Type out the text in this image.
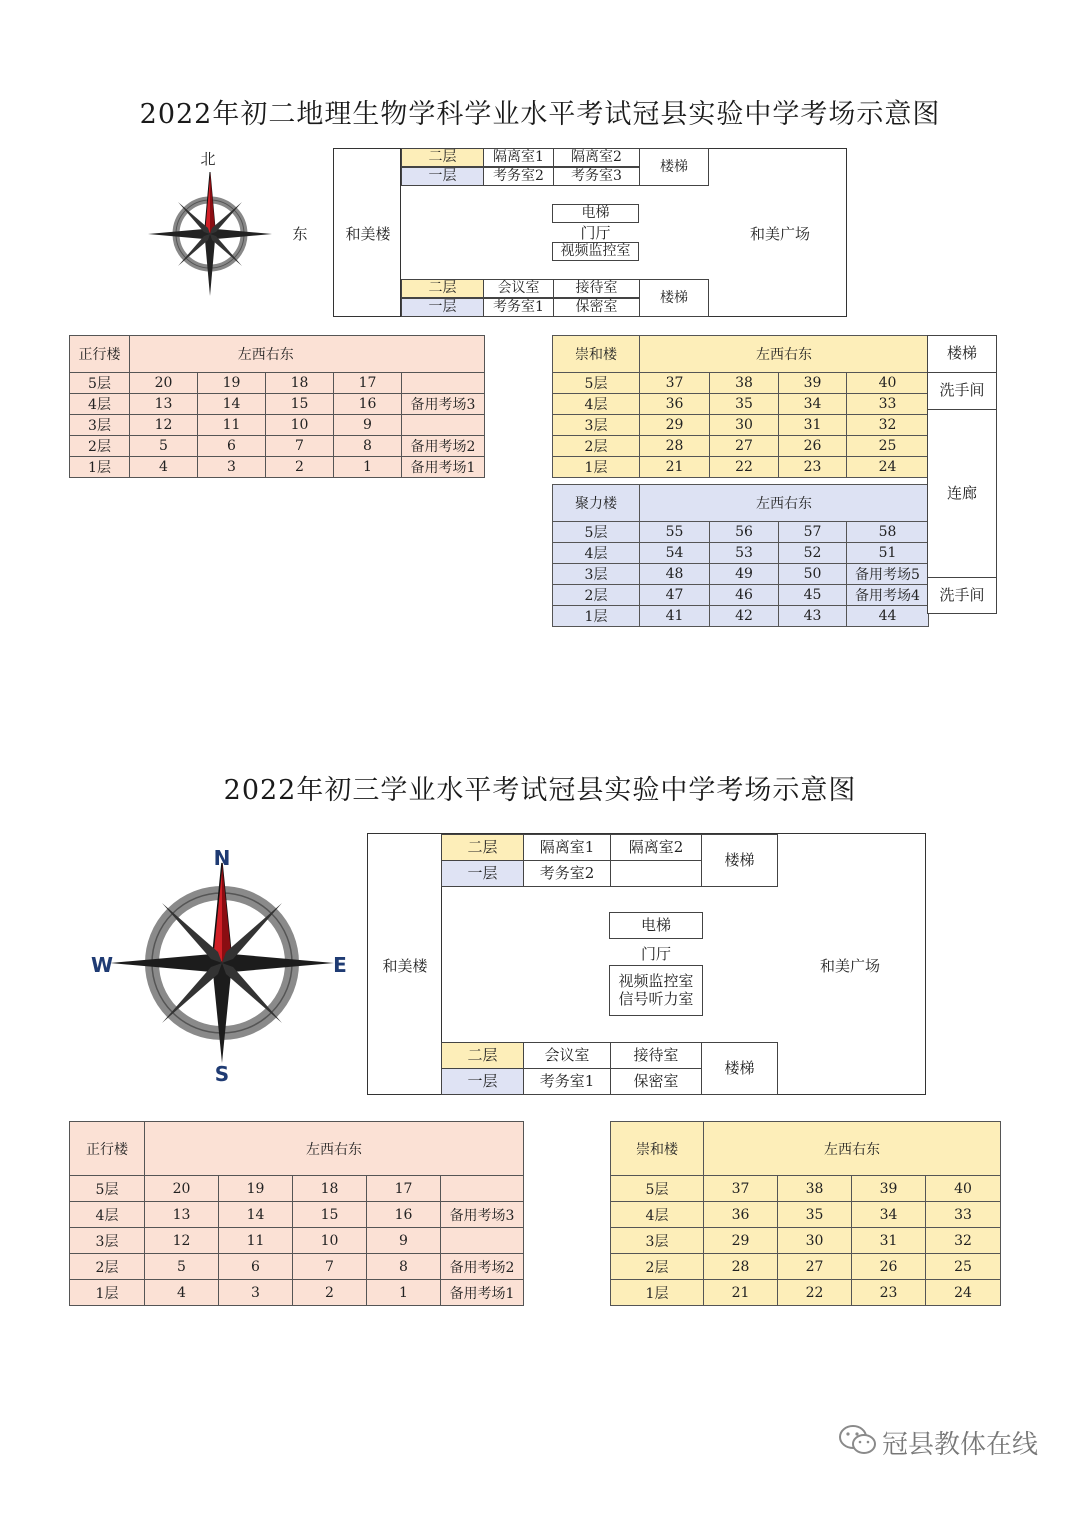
2022年初二地理生物学科学业水平考试冠县实验中学考场示意图
北
东	和美楼	和美广场
二层
一层
隔离室1	隔离室2
考务室2	考务室3
楼梯
电梯
门厅
视频监控室
二层
一层
会议室	接待室
考务室1	保密室
楼梯
正行楼	左西右东				
5层	20	19	18	17	
4层	13	14	15	16	备用考场3
3层	12	11	10	9	
2层	5	6	7	8	备用考场2
1层	4	3	2	1	备用考场1
崇和楼	左西右东			
5层	37	38	39	40
4层	36	35	34	33
3层	29	30	31	32
2层	28	27	26	25
1层	21	22	23	24
聚力楼	左西右东			
5层	55	56	57	58
4层	54	53	52	51
3层	48	49	50	备用考场5
2层	47	46	45	备用考场4
1层	41	42	43	44
楼梯
洗手间
连廊
洗手间
2022年初三学业水平考试冠县实验中学考场示意图
N
S
W	E	和美楼	和美广场
二层
一层
隔离室1	隔离室2
考务室2
楼梯
电梯
门厅
视频监控室
信号听力室
二层
一层
会议室	接待室
考务室1	保密室
楼梯
正行楼	左西右东				
5层	20	19	18	17	
4层	13	14	15	16	备用考场3
3层	12	11	10	9	
2层	5	6	7	8	备用考场2
1层	4	3	2	1	备用考场1
崇和楼	左西右东			
5层	37	38	39	40
4层	36	35	34	33
3层	29	30	31	32
2层	28	27	26	25
1层	21	22	23	24
冠县教体在线
